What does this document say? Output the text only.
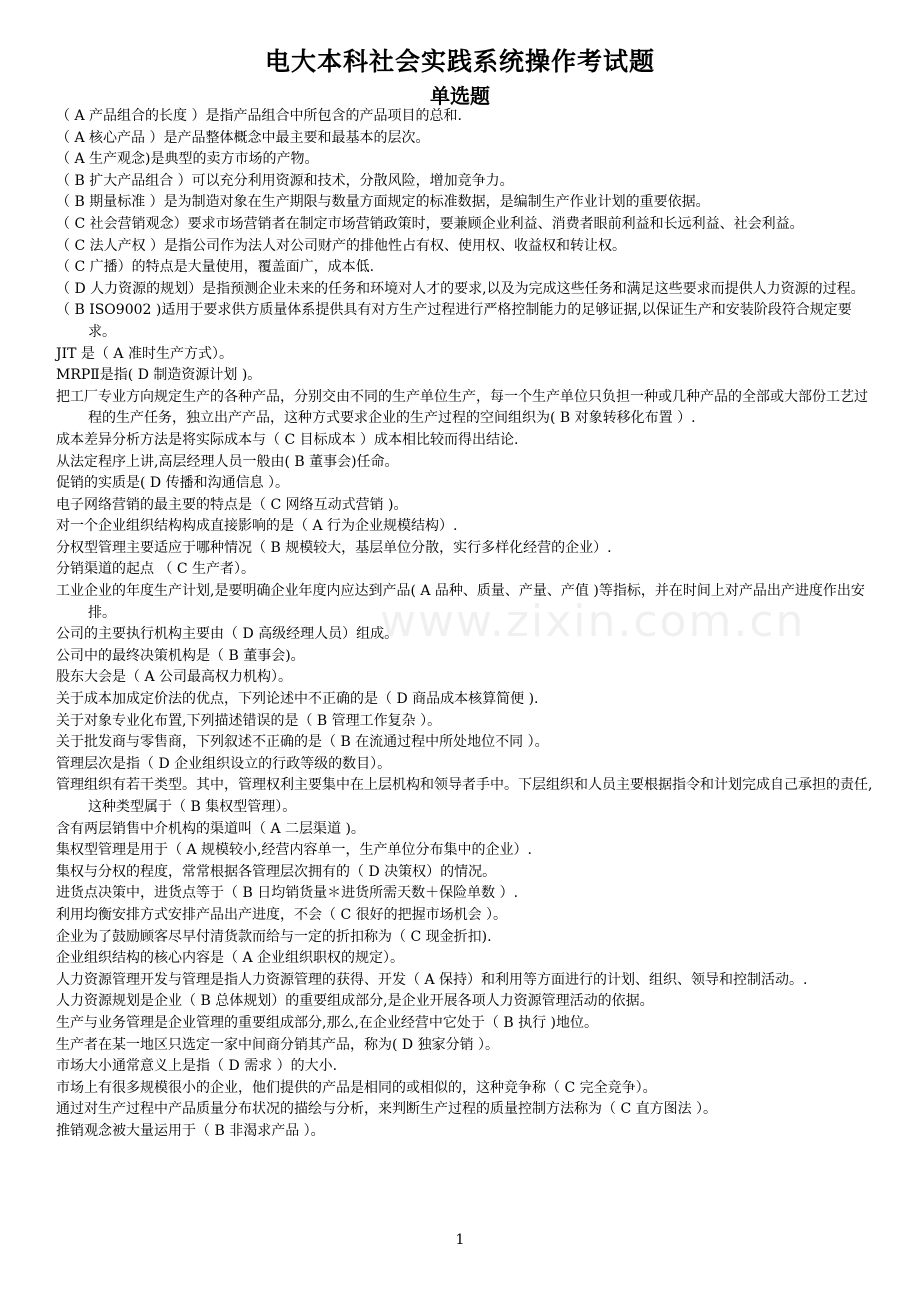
电大本科社会实践系统操作考试题
单选题
www.zixin.com.cn

（ A 产品组合的长度 ）是指产品组合中所包含的产品项目的总和.

（ A 核心产品 ）是产品整体概念中最主要和最基本的层次。

（ A 生产观念)是典型的卖方市场的产物。

（ B 扩大产品组合 ）可以充分利用资源和技术，分散风险，增加竞争力。

（ B 期量标准 ）是为制造对象在生产期限与数量方面规定的标准数据，是编制生产作业计划的重要依据。

（ C 社会营销观念）要求市场营销者在制定市场营销政策时，要兼顾企业利益、消费者眼前利益和长远利益、社会利益。

（ C 法人产权 ）是指公司作为法人对公司财产的排他性占有权、使用权、收益权和转让权。

（ C 广播）的特点是大量使用，覆盖面广，成本低.

（ D 人力资源的规划）是指预测企业未来的任务和环境对人才的要求,以及为完成这些任务和满足这些要求而提供人力资源的过程。

（ B ISO9002 )适用于要求供方质量体系提供具有对方生产过程进行严格控制能力的足够证据,以保证生产和安装阶段符合规定要求。

JIT 是（ A 准时生产方式）。

MRPⅡ是指( D 制造资源计划 )。

把工厂专业方向规定生产的各种产品，分别交由不同的生产单位生产，每一个生产单位只负担一种或几种产品的全部或大部份工艺过程的生产任务，独立出产产品，这种方式要求企业的生产过程的空间组织为( B 对象转移化布置 ）.

成本差异分析方法是将实际成本与（ C 目标成本 ）成本相比较而得出结论.

从法定程序上讲,高层经理人员一般由( B 董事会)任命。

促销的实质是( D 传播和沟通信息 ）。

电子网络营销的最主要的特点是（ C 网络互动式营销 )。

对一个企业组织结构构成直接影响的是（ A 行为企业规模结构）.

分权型管理主要适应于哪种情况（ B 规模较大，基层单位分散，实行多样化经营的企业）.

分销渠道的起点 （ C 生产者）。

工业企业的年度生产计划,是要明确企业年度内应达到产品( A 品种、质量、产量、产值 )等指标，并在时间上对产品出产进度作出安排。

公司的主要执行机构主要由（ D 高级经理人员）组成。

公司中的最终决策机构是（ B 董事会)。

股东大会是（ A 公司最高权力机构）。

关于成本加成定价法的优点，下列论述中不正确的是（ D 商品成本核算简便 ).

关于对象专业化布置,下列描述错误的是（ B 管理工作复杂 ）。

关于批发商与零售商，下列叙述不正确的是（ B 在流通过程中所处地位不同 ）。

管理层次是指（ D 企业组织设立的行政等级的数目）。

管理组织有若干类型。其中，管理权利主要集中在上层机构和领导者手中。下层组织和人员主要根据指令和计划完成自己承担的责任,这种类型属于（ B 集权型管理）。

含有两层销售中介机构的渠道叫（ A 二层渠道 )。

集权型管理是用于（ A 规模较小,经营内容单一，生产单位分布集中的企业）.

集权与分权的程度，常常根据各管理层次拥有的（ D 决策权）的情况。

进货点决策中，进货点等于（ B 日均销货量＊进货所需天数＋保险单数 ）.

利用均衡安排方式安排产品出产进度，不会（ C 很好的把握市场机会 ）。

企业为了鼓励顾客尽早付清货款而给与一定的折扣称为（ C 现金折扣).

企业组织结构的核心内容是（ A 企业组织职权的规定）。

人力资源管理开发与管理是指人力资源管理的获得、开发（ A 保持）和利用等方面进行的计划、组织、领导和控制活动。.

人力资源规划是企业（ B 总体规划）的重要组成部分,是企业开展各项人力资源管理活动的依据。

生产与业务管理是企业管理的重要组成部分,那么,在企业经营中它处于（ B 执行 )地位。

生产者在某一地区只选定一家中间商分销其产品，称为( D 独家分销 ）。

市场大小通常意义上是指（ D 需求 ）的大小.

市场上有很多规模很小的企业，他们提供的产品是相同的或相似的，这种竞争称（ C 完全竞争）。

通过对生产过程中产品质量分布状况的描绘与分析，来判断生产过程的质量控制方法称为（ C 直方图法 ）。

推销观念被大量运用于（ B 非渴求产品 ）。

1
